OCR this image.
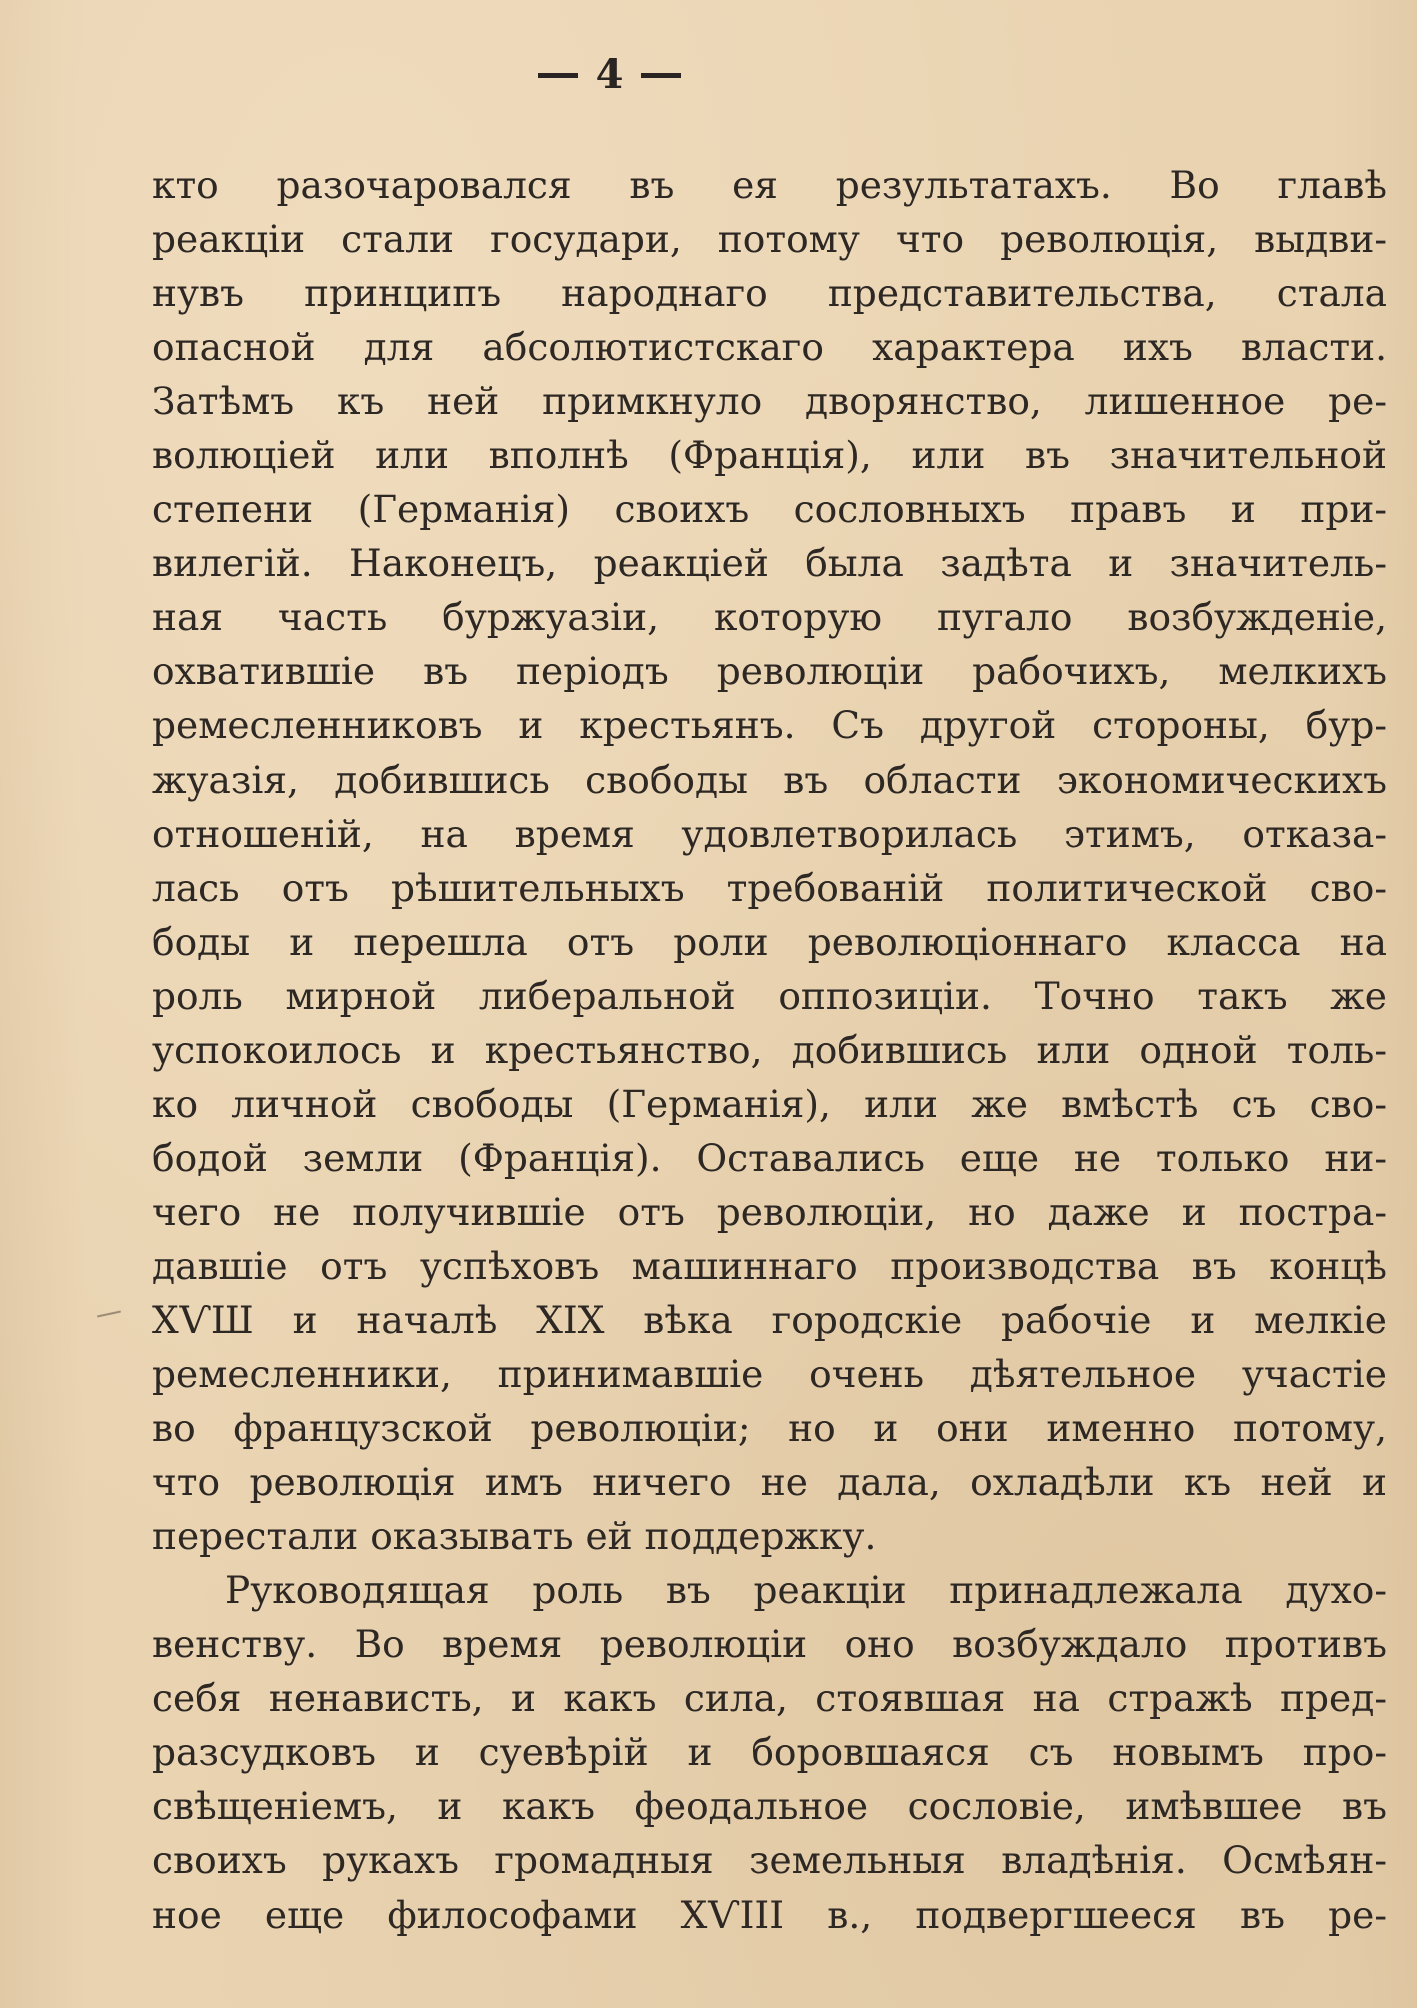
4
кто разочаровался въ ея результатахъ. Во главѣ
реакціи стали государи, потому что революція, выдви-
нувъ принципъ народнаго представительства, стала
опасной для абсолютистскаго характера ихъ власти.
Затѣмъ къ ней примкнуло дворянство, лишенное ре-
волюціей или вполнѣ (Франція), или въ значительной
степени (Германія) своихъ сословныхъ правъ и при-
вилегій. Наконецъ, реакціей была задѣта и значитель-
ная часть буржуазіи, которую пугало возбужденіе,
охватившіе въ періодъ революціи рабочихъ, мелкихъ
ремесленниковъ и крестьянъ. Съ другой стороны, бур-
жуазія, добившись свободы въ области экономическихъ
отношеній, на время удовлетворилась этимъ, отказа-
лась отъ рѣшительныхъ требованій политической сво-
боды и перешла отъ роли революціоннаго класса на
роль мирной либеральной оппозиціи. Точно такъ же
успокоилось и крестьянство, добившись или одной толь-
ко личной свободы (Германія), или же вмѣстѣ съ сво-
бодой земли (Франція). Оставались еще не только ни-
чего не получившіе отъ революціи, но даже и постра-
давшіе отъ успѣховъ машиннаго производства въ концѣ
ХѴШ и началѣ XIX вѣка городскіе рабочіе и мелкіе
ремесленники, принимавшіе очень дѣятельное участіе
во французской революціи; но и они именно потому,
что революція имъ ничего не дала, охладѣли къ ней и
перестали оказывать ей поддержку.
Руководящая роль въ реакціи принадлежала духо-
венству. Во время революціи оно возбуждало противъ
себя ненависть, и какъ сила, стоявшая на стражѣ пред-
разсудковъ и суевѣрій и боровшаяся съ новымъ про-
свѣщеніемъ, и какъ феодальное сословіе, имѣвшее въ
своихъ рукахъ громадныя земельныя владѣнія. Осмѣян-
ное еще философами ХѴIII в., подвергшееся въ ре-
